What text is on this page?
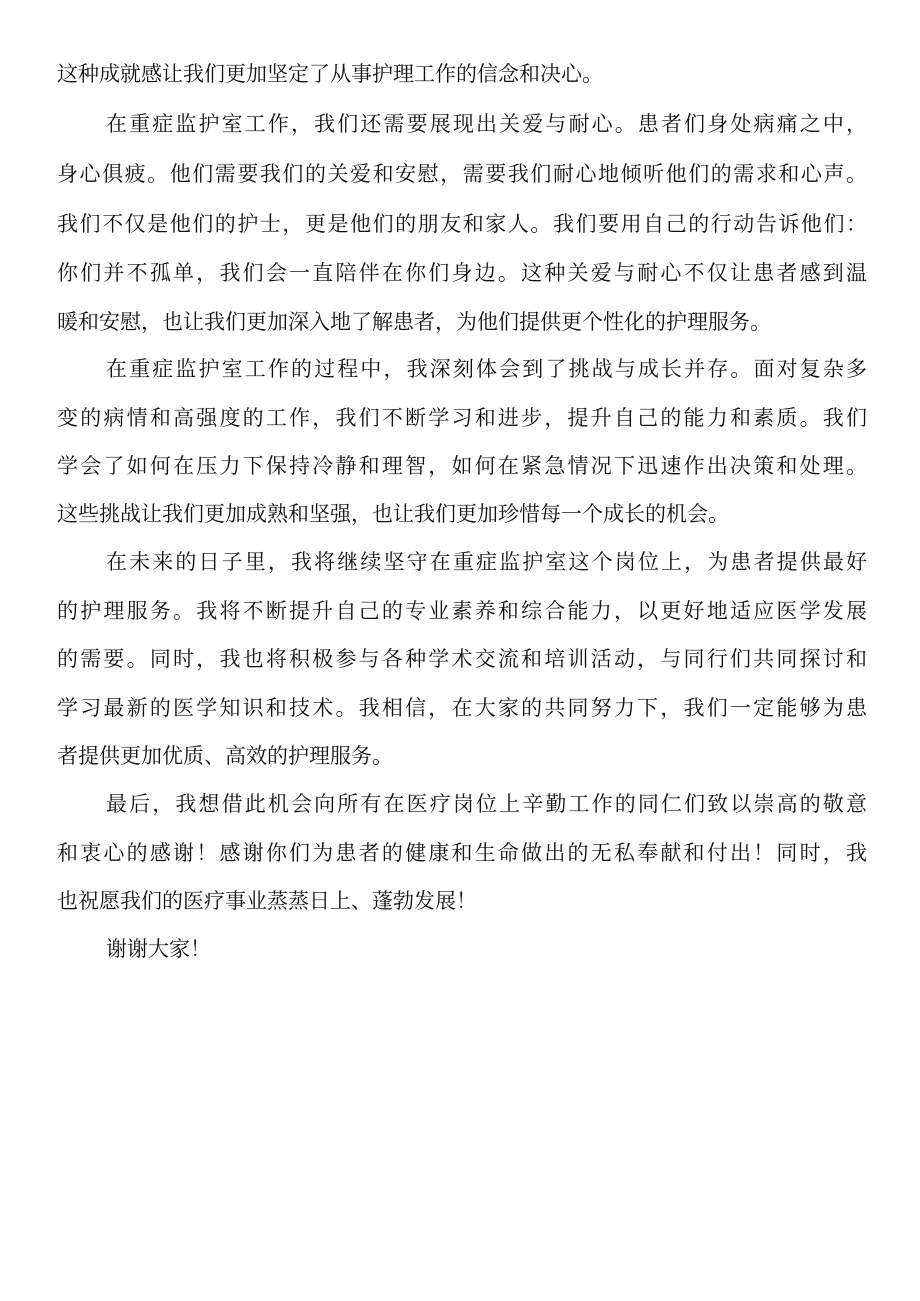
这种成就感让我们更加坚定了从事护理工作的信念和决心。
在重症监护室工作，我们还需要展现出关爱与耐心。患者们身处病痛之中，
身心俱疲。他们需要我们的关爱和安慰，需要我们耐心地倾听他们的需求和心声。
我们不仅是他们的护士，更是他们的朋友和家人。我们要用自己的行动告诉他们：
你们并不孤单，我们会一直陪伴在你们身边。这种关爱与耐心不仅让患者感到温
暖和安慰，也让我们更加深入地了解患者，为他们提供更个性化的护理服务。
在重症监护室工作的过程中，我深刻体会到了挑战与成长并存。面对复杂多
变的病情和高强度的工作，我们不断学习和进步，提升自己的能力和素质。我们
学会了如何在压力下保持冷静和理智，如何在紧急情况下迅速作出决策和处理。
这些挑战让我们更加成熟和坚强，也让我们更加珍惜每一个成长的机会。
在未来的日子里，我将继续坚守在重症监护室这个岗位上，为患者提供最好
的护理服务。我将不断提升自己的专业素养和综合能力，以更好地适应医学发展
的需要。同时，我也将积极参与各种学术交流和培训活动，与同行们共同探讨和
学习最新的医学知识和技术。我相信，在大家的共同努力下，我们一定能够为患
者提供更加优质、高效的护理服务。
最后，我想借此机会向所有在医疗岗位上辛勤工作的同仁们致以崇高的敬意
和衷心的感谢！感谢你们为患者的健康和生命做出的无私奉献和付出！同时，我
也祝愿我们的医疗事业蒸蒸日上、蓬勃发展！
谢谢大家！
